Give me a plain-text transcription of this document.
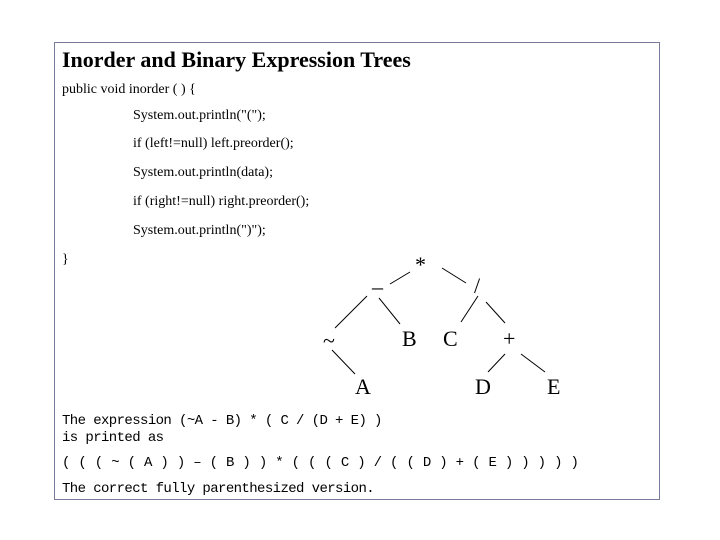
Inorder and Binary Expression Trees
public void inorder ( ) {
System.out.println("(");
if (left!=null) left.preorder();
System.out.println(data);
if (right!=null) right.preorder();
System.out.println(")");
}	*
–	/
~	B C +
A	D	E
The expression (~A - B) * ( C / (D + E) )
is printed as
( ( ( ~ ( A ) ) – ( B ) ) * ( ( ( C ) / ( ( D ) + ( E ) ) ) ) )
The correct fully parenthesized version.
